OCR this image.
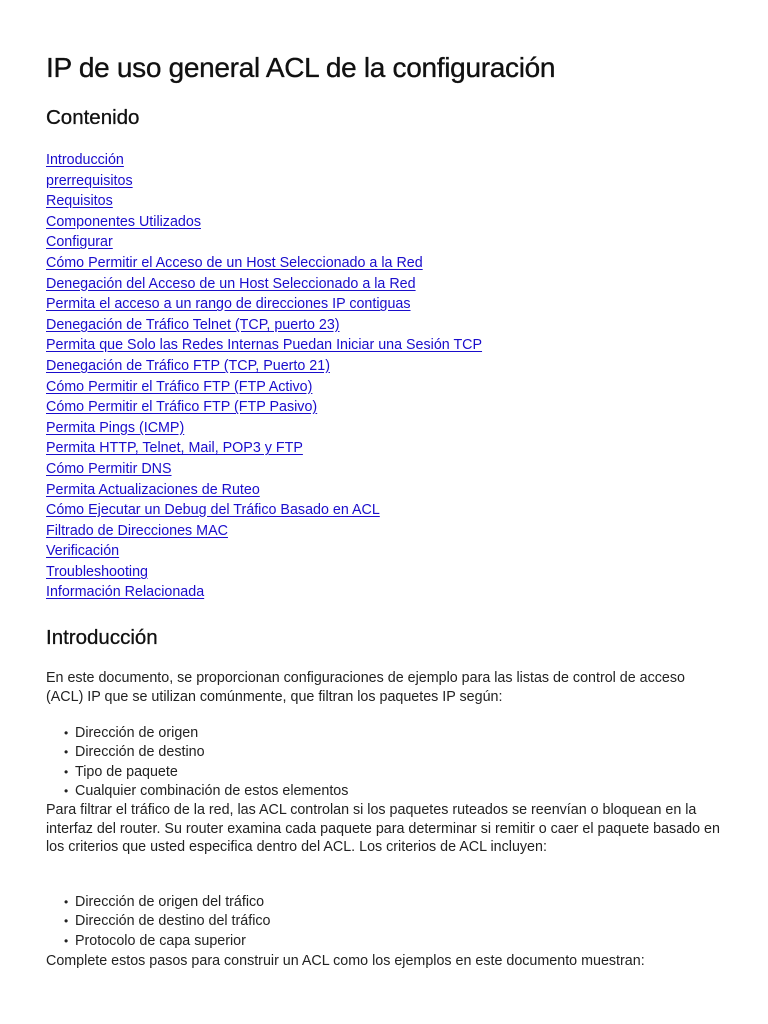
IP de uso general ACL de la configuración
Contenido
Introducción
prerrequisitos
Requisitos
Componentes Utilizados
Configurar
Cómo Permitir el Acceso de un Host Seleccionado a la Red
Denegación del Acceso de un Host Seleccionado a la Red
Permita el acceso a un rango de direcciones IP contiguas
Denegación de Tráfico Telnet (TCP, puerto 23)
Permita que Solo las Redes Internas Puedan Iniciar una Sesión TCP
Denegación de Tráfico FTP (TCP, Puerto 21)
Cómo Permitir el Tráfico FTP (FTP Activo)
Cómo Permitir el Tráfico FTP (FTP Pasivo)
Permita Pings (ICMP)
Permita HTTP, Telnet, Mail, POP3 y FTP
Cómo Permitir DNS
Permita Actualizaciones de Ruteo
Cómo Ejecutar un Debug del Tráfico Basado en ACL
Filtrado de Direcciones MAC
Verificación
Troubleshooting
Información Relacionada
Introducción

En este documento, se proporcionan configuraciones de ejemplo para las listas de control de acceso (ACL) IP que se utilizan comúnmente, que filtran los paquetes IP según:

• Dirección de origen
• Dirección de destino
• Tipo de paquete
• Cualquier combinación de estos elementos

Para filtrar el tráfico de la red, las ACL controlan si los paquetes ruteados se reenvían o bloquean en la interfaz del router. Su router examina cada paquete para determinar si remitir o caer el paquete basado en los criterios que usted especifica dentro del ACL. Los criterios de ACL incluyen:

• Dirección de origen del tráfico
• Dirección de destino del tráfico
• Protocolo de capa superior

Complete estos pasos para construir un ACL como los ejemplos en este documento muestran:
